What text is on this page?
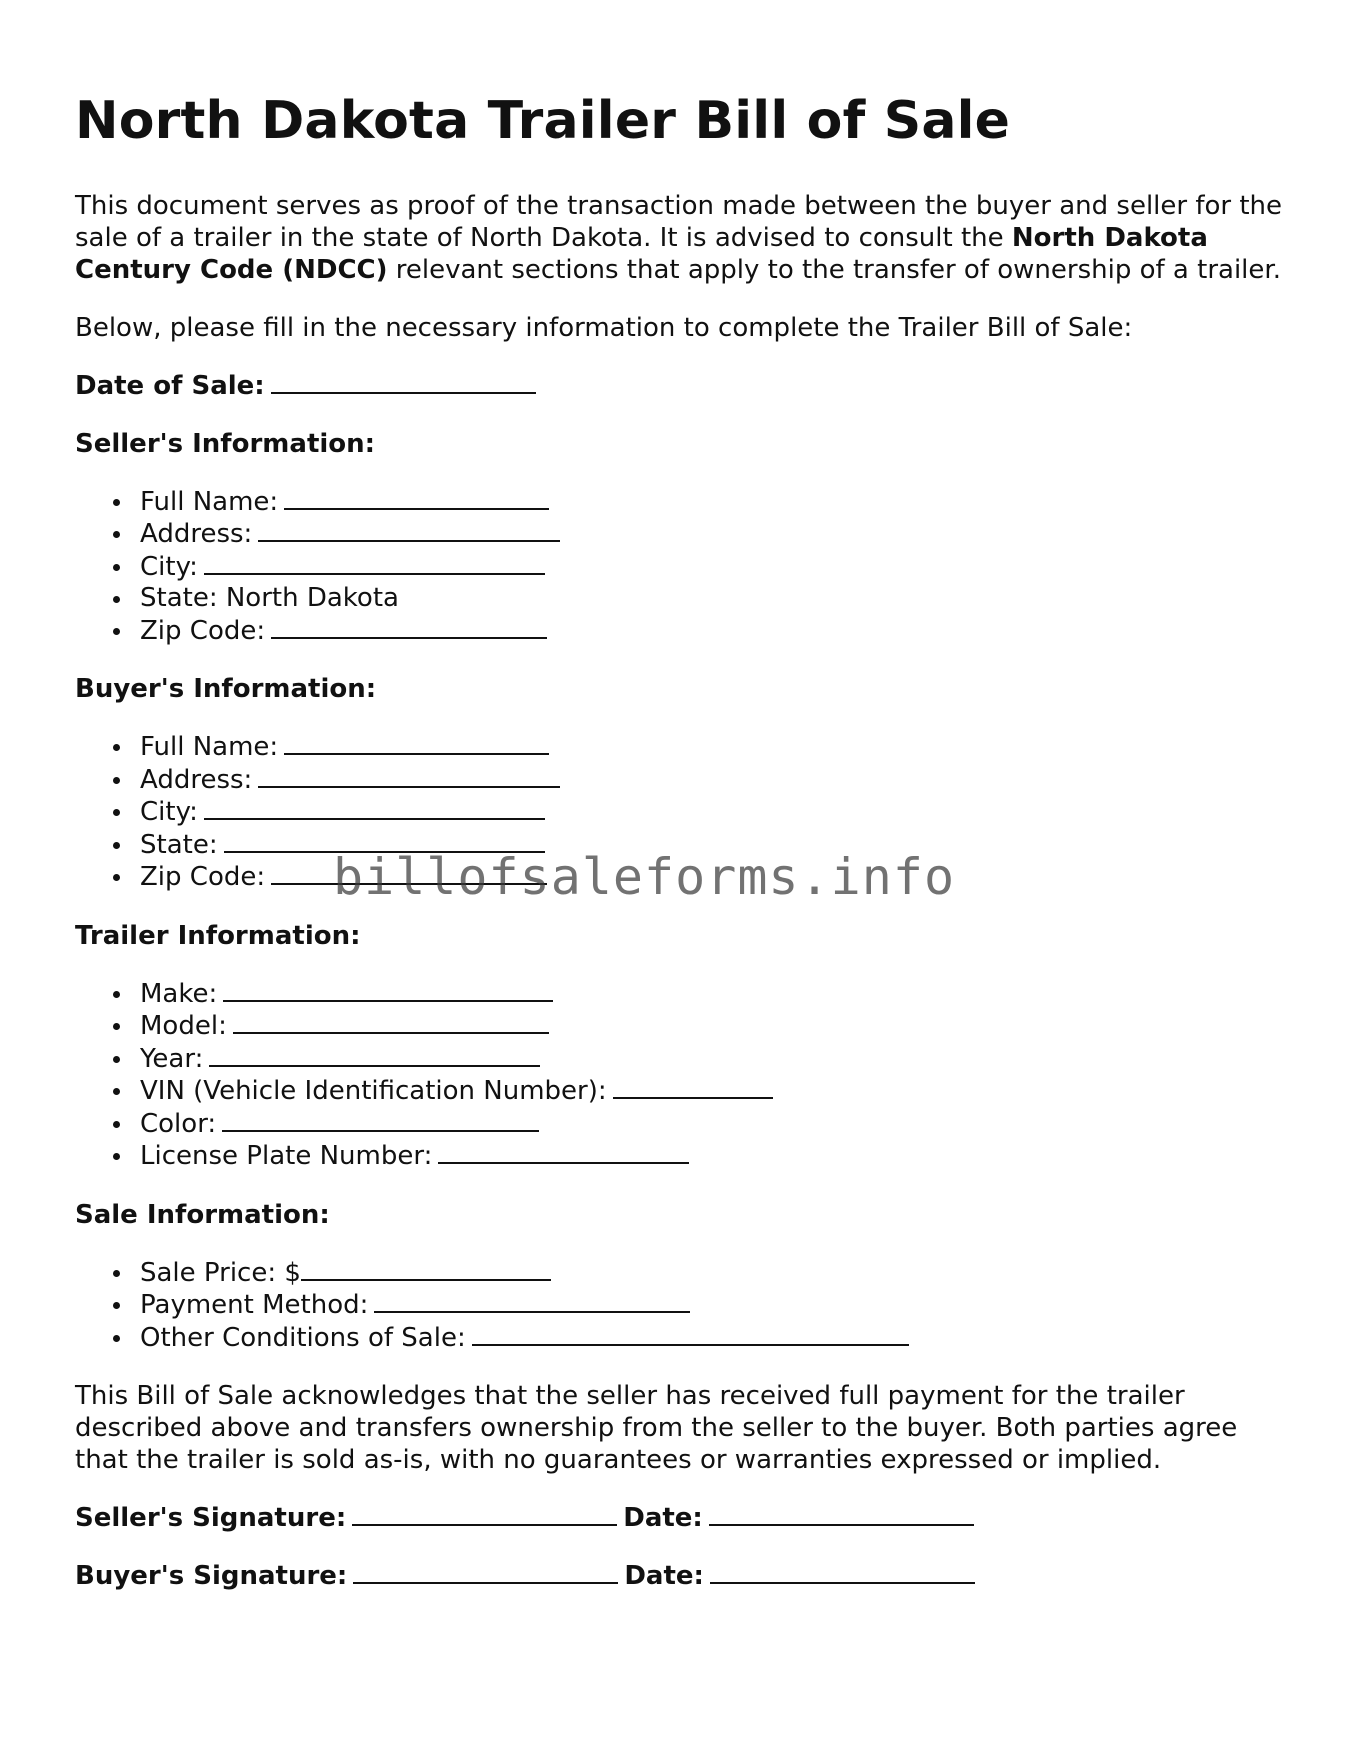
North Dakota Trailer Bill of Sale

This document serves as proof of the transaction made between the buyer and seller for the sale of a trailer in the state of North Dakota. It is advised to consult the North Dakota Century Code (NDCC) relevant sections that apply to the transfer of ownership of a trailer.

Below, please fill in the necessary information to complete the Trailer Bill of Sale:

Date of Sale:

Seller's Information:
Full Name:
Address:
City:
State: North Dakota
Zip Code:
Buyer's Information:
Full Name:
Address:
City:
State:
Zip Code:
Trailer Information:
Make:
Model:
Year:
VIN (Vehicle Identification Number):
Color:
License Plate Number:
Sale Information:
Sale Price: $
Payment Method:
Other Conditions of Sale:

This Bill of Sale acknowledges that the seller has received full payment for the trailer described above and transfers ownership from the seller to the buyer. Both parties agree that the trailer is sold as-is, with no guarantees or warranties expressed or implied.

Seller's Signature:	Date:
Buyer's Signature:	Date:
billofsaleforms.info
